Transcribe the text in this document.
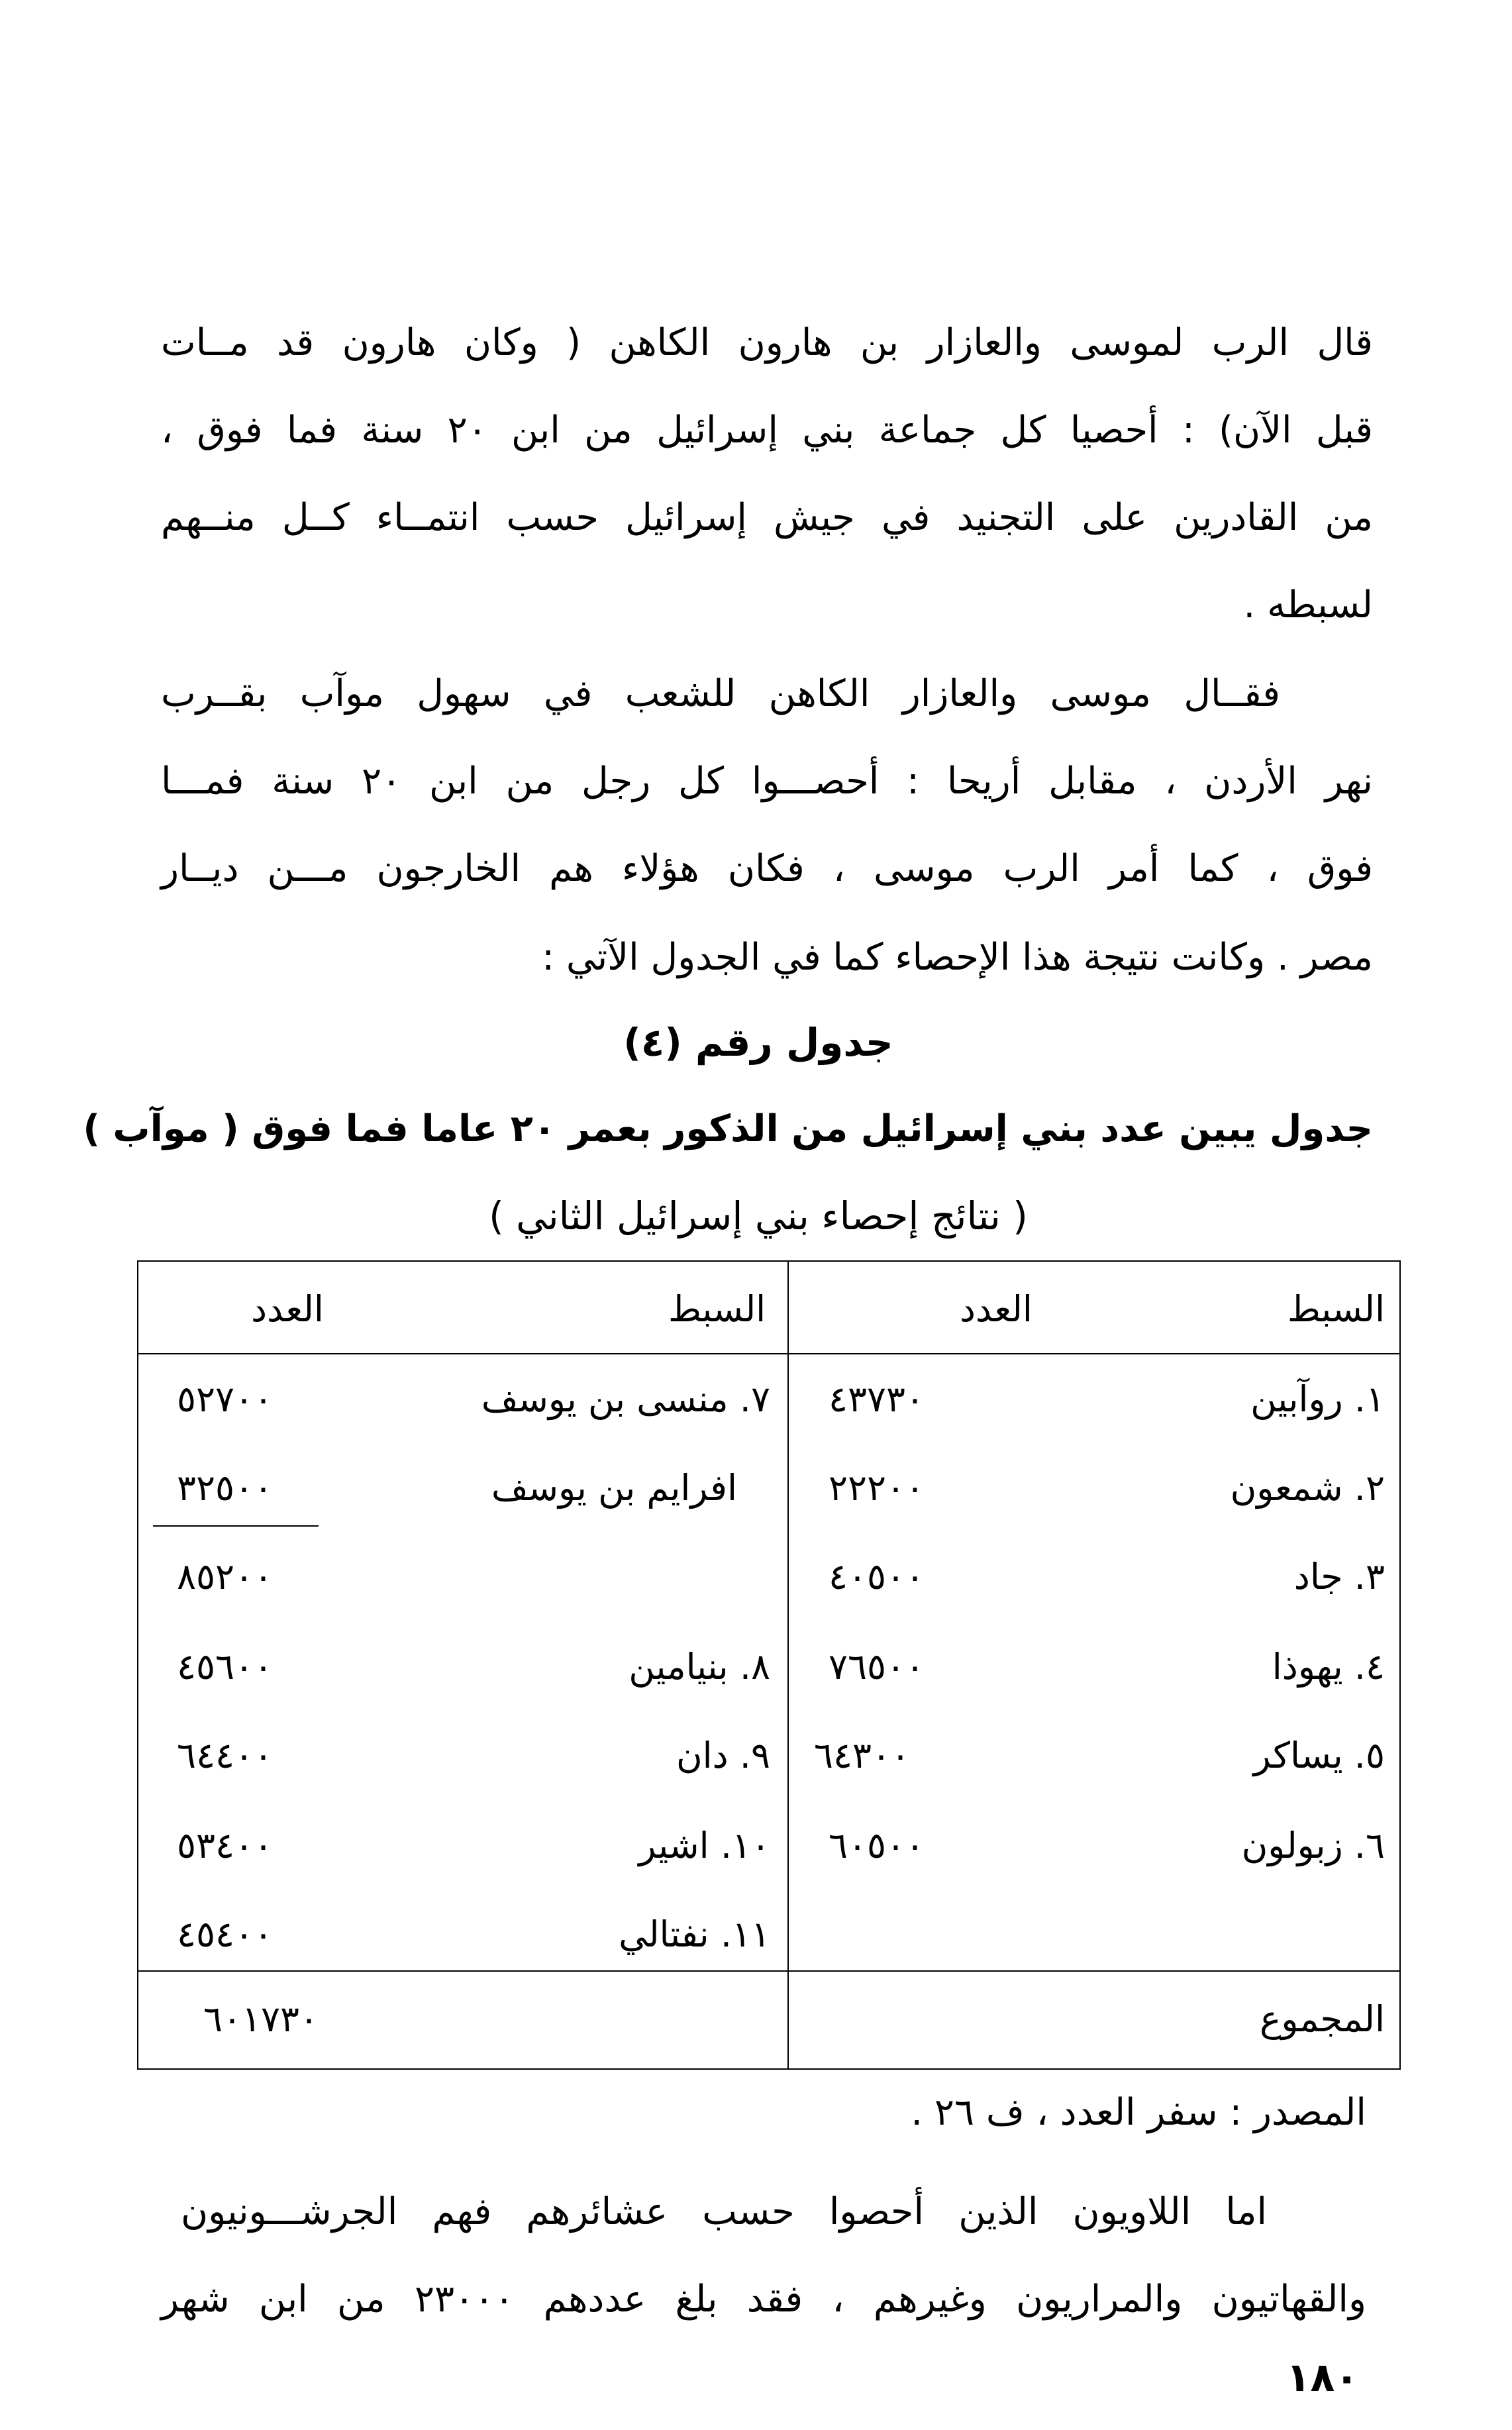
قال الرب لموسى والعازار بن هارون الكاهن ( وكان هارون قد مــات
قبل الآن) : أحصيا كل جماعة بني إسرائيل من ابن ٢٠ سنة فما فوق ،
من القادرين على التجنيد في جيش إسرائيل حسب انتمــاء كــل منــهم
لسبطه .
فقــال موسى والعازار الكاهن للشعب في سهول موآب بقــرب
نهر الأردن ، مقابل أريحا : أحصـــوا كل رجل من ابن ٢٠ سنة فمـــا
فوق ، كما أمر الرب موسى ، فكان هؤلاء هم الخارجون مـــن ديــار
مصر . وكانت نتيجة هذا الإحصاء كما في الجدول الآتي :
جدول رقم (٤)
جدول يبين عدد بني إسرائيل من الذكور بعمر ٢٠ عاما فما فوق ( موآب )
( نتائج إحصاء بني إسرائيل الثاني )
السبط
العدد
السبط
العدد
١. روآبين
٤٣٧٣٠
٢. شمعون
٢٢٢٠٠
٣. جاد
٤٠٥٠٠
٤. يهوذا
٧٦٥٠٠
٥. يساكر
٦٤٣٠٠
٦. زبولون
٦٠٥٠٠
٧. منسى بن يوسف
٥٢٧٠٠
افرايم بن يوسف
٣٢٥٠٠
٨٥٢٠٠
٨. بنيامين
٤٥٦٠٠
٩. دان
٦٤٤٠٠
١٠. اشير
٥٣٤٠٠
١١. نفتالي
٤٥٤٠٠
المجموع
٦٠١٧٣٠
المصدر : سفر العدد ، ف ٢٦ .
اما اللاويون الذين أحصوا حسب عشائرهم فهم الجرشـــونيون
والقهاتيون والمراريون وغيرهم ، فقد بلغ عددهم ٢٣٠٠٠ من ابن شهر
١٨٠
